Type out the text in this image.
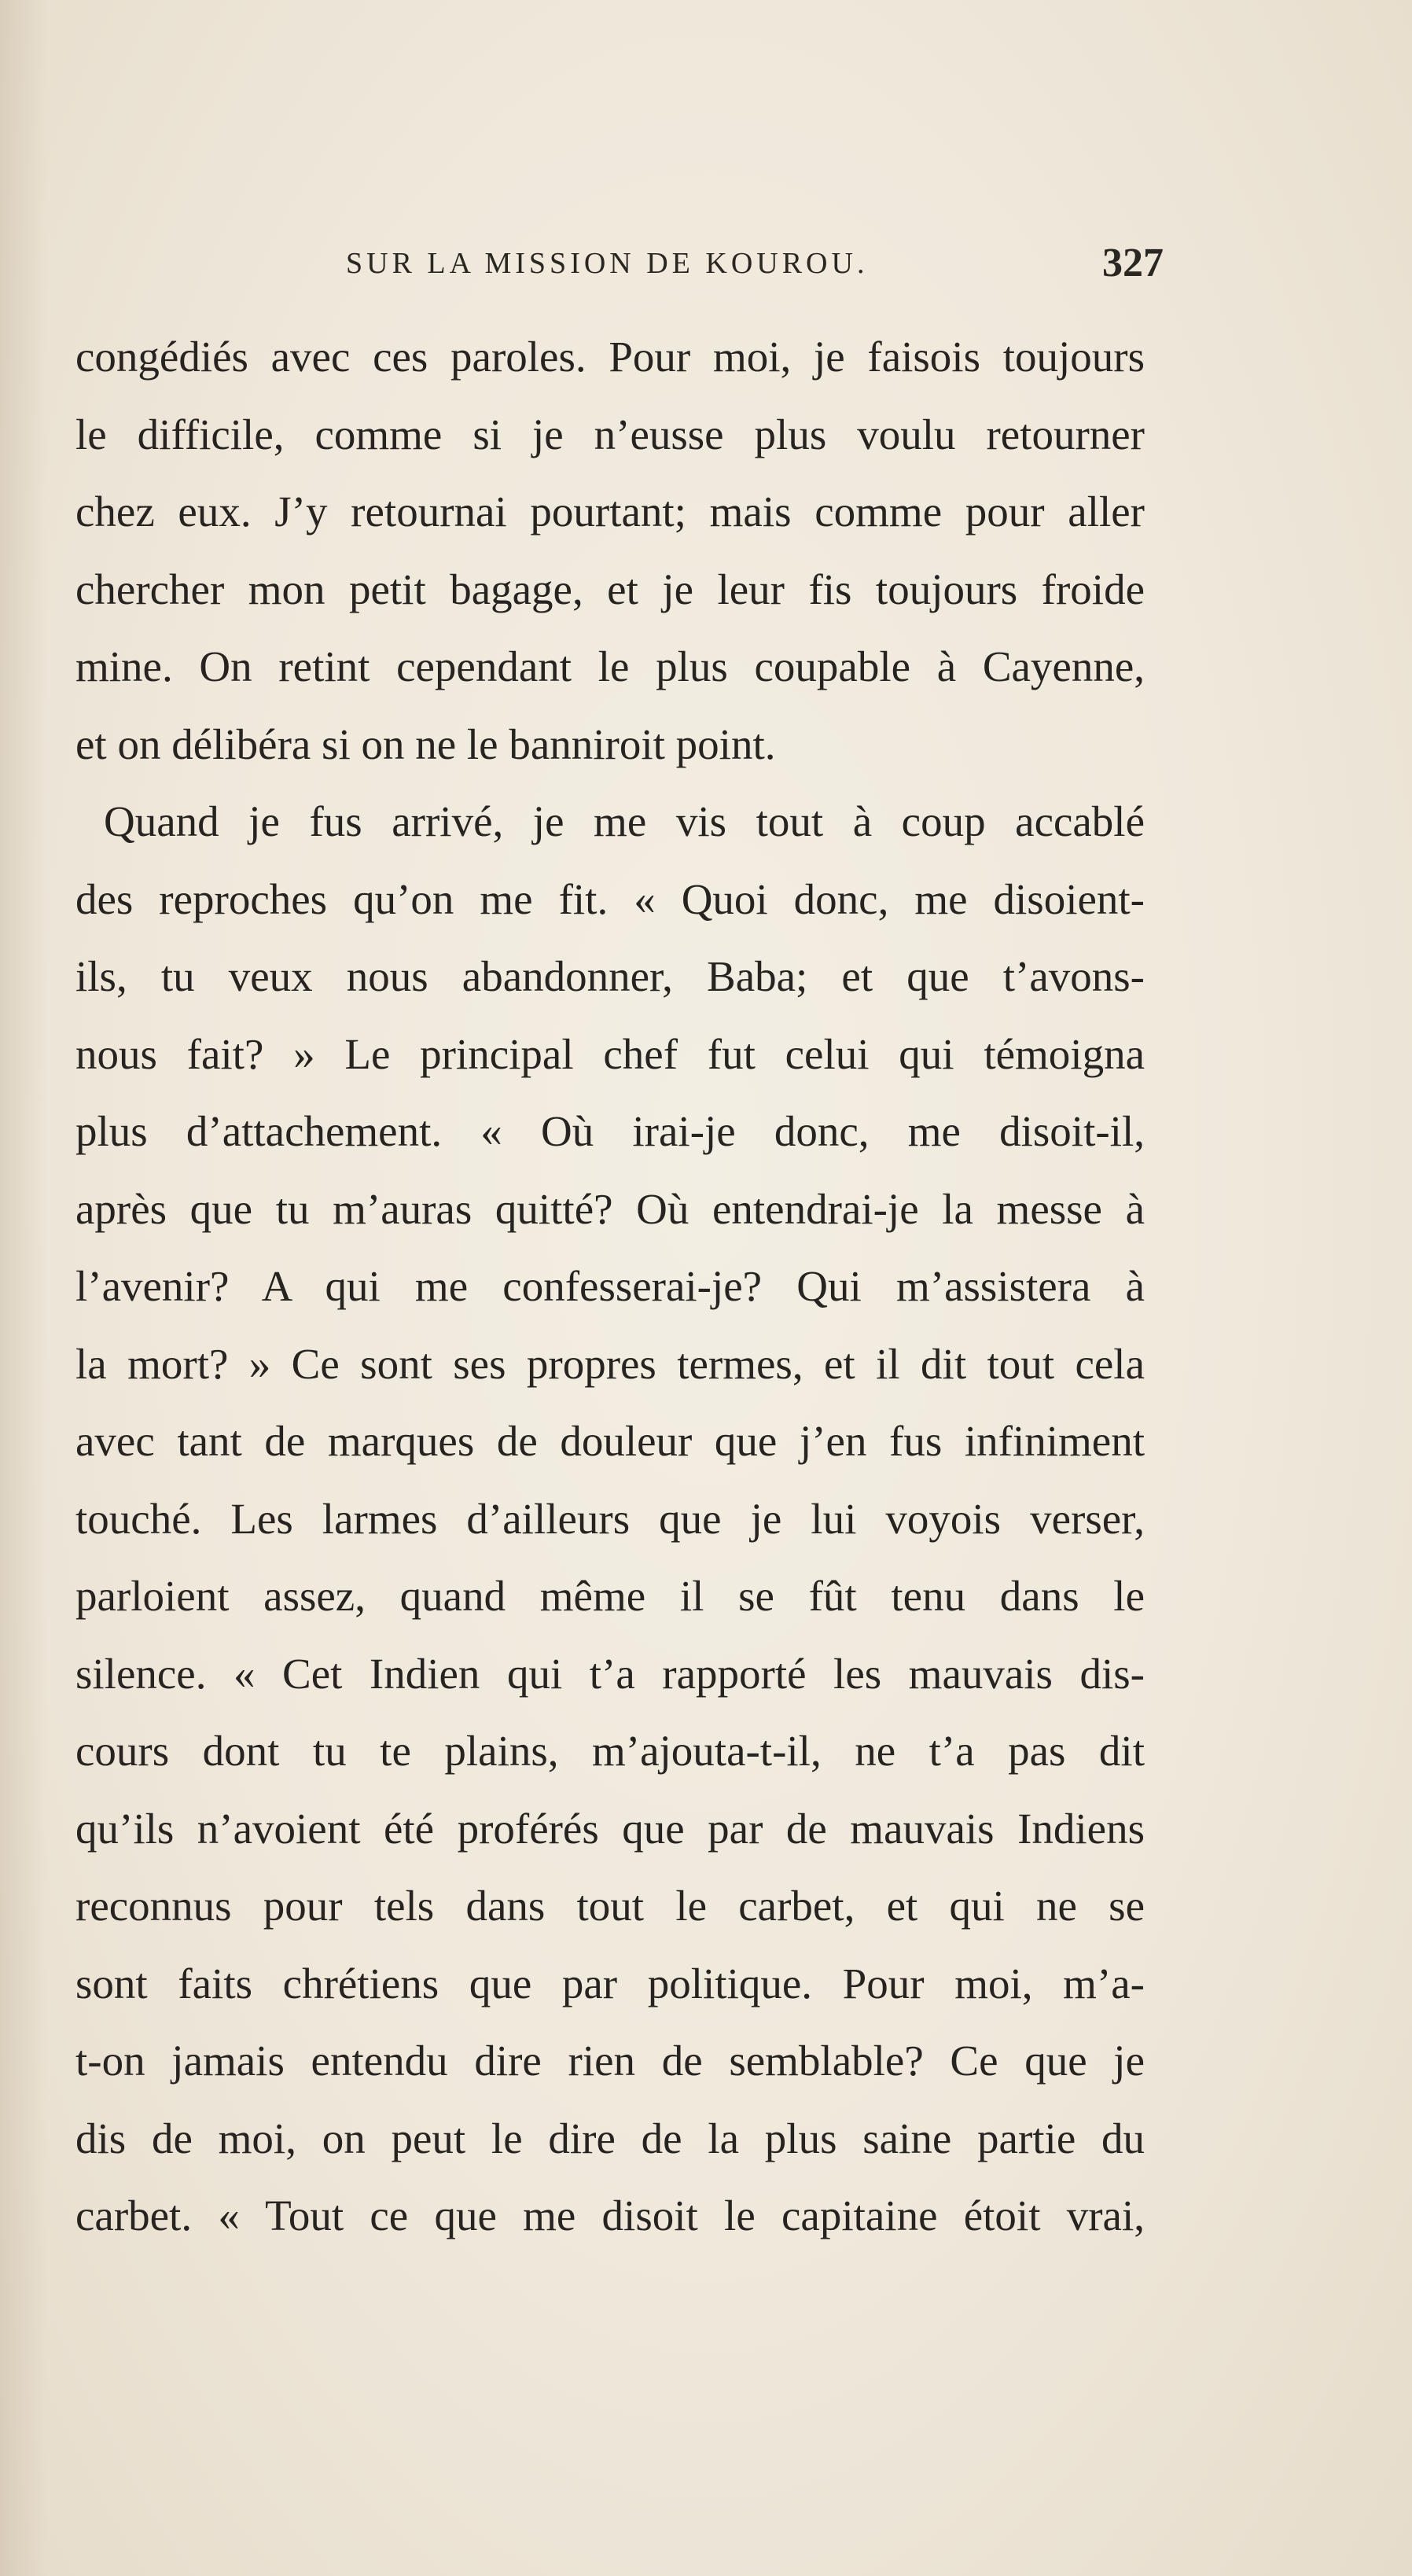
SUR LA MISSION DE KOUROU.	327
congédiés avec ces paroles. Pour moi, je faisois toujours
le difficile, comme si je n’eusse plus voulu retourner
chez eux. J’y retournai pourtant; mais comme pour aller
chercher mon petit bagage, et je leur fis toujours froide
mine. On retint cependant le plus coupable à Cayenne,
et on délibéra si on ne le banniroit point.
Quand je fus arrivé, je me vis tout à coup accablé
des reproches qu’on me fit. « Quoi donc, me disoient-
ils, tu veux nous abandonner, Baba; et que t’avons-
nous fait? » Le principal chef fut celui qui témoigna
plus d’attachement. « Où irai-je donc, me disoit-il,
après que tu m’auras quitté? Où entendrai-je la messe à
l’avenir? A qui me confesserai-je? Qui m’assistera à
la mort? » Ce sont ses propres termes, et il dit tout cela
avec tant de marques de douleur que j’en fus infiniment
touché. Les larmes d’ailleurs que je lui voyois verser,
parloient assez, quand même il se fût tenu dans le
silence. « Cet Indien qui t’a rapporté les mauvais dis-
cours dont tu te plains, m’ajouta-t-il, ne t’a pas dit
qu’ils n’avoient été proférés que par de mauvais Indiens
reconnus pour tels dans tout le carbet, et qui ne se
sont faits chrétiens que par politique. Pour moi, m’a-
t-on jamais entendu dire rien de semblable? Ce que je
dis de moi, on peut le dire de la plus saine partie du
carbet. « Tout ce que me disoit le capitaine étoit vrai,
